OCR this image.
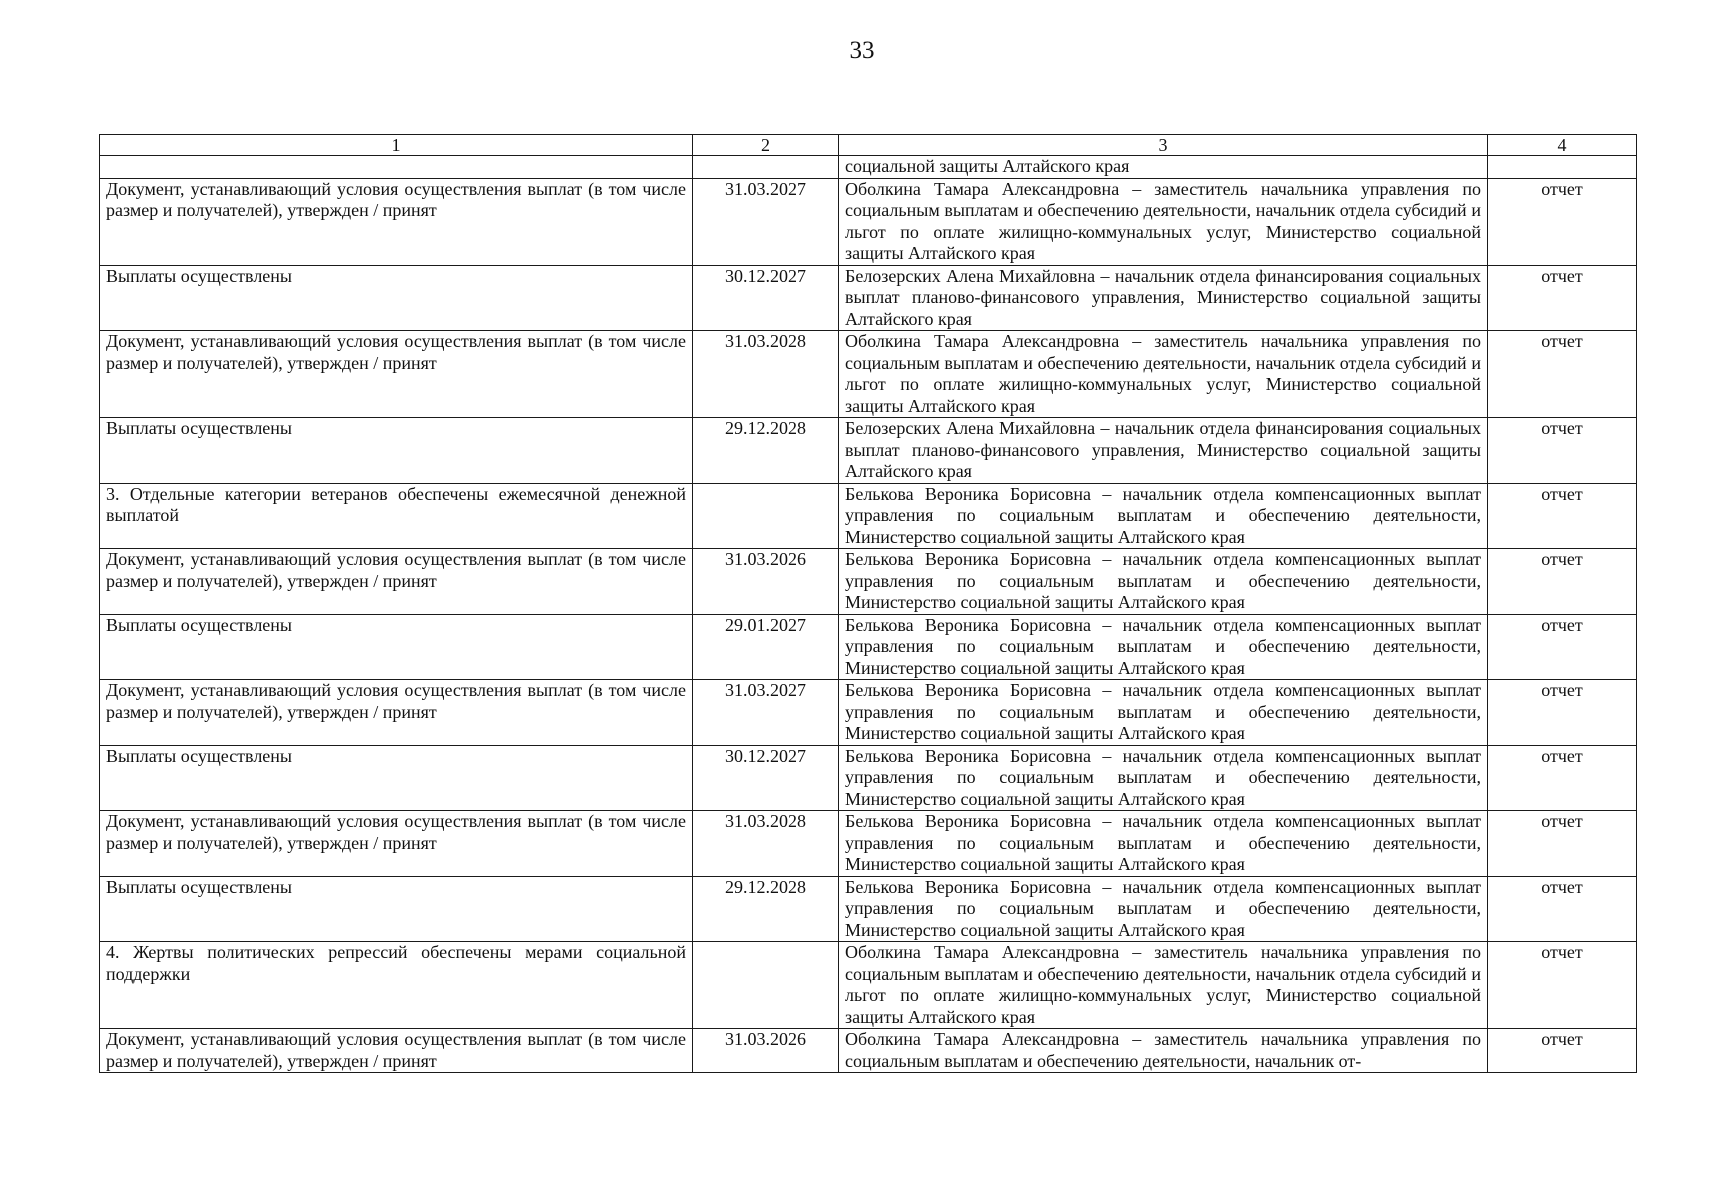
33
1	2	3	4
		социальной защиты Алтайского края	
Документ, устанавливающий условия осуществления выплат (в том числе размер и получателей), утвержден / принят	31.03.2027	Оболкина Тамара Александровна – заместитель начальника управления по социальным выплатам и обеспечению деятельности, начальник отдела субсидий и льгот по оплате жилищно-коммунальных услуг, Министерство социальной защиты Алтайского края	отчет
Выплаты осуществлены	30.12.2027	Белозерских Алена Михайловна – начальник отдела финансирования социальных выплат планово-финансового управления, Министерство социальной защиты Алтайского края	отчет
Документ, устанавливающий условия осуществления выплат (в том числе размер и получателей), утвержден / принят	31.03.2028	Оболкина Тамара Александровна – заместитель начальника управления по социальным выплатам и обеспечению деятельности, начальник отдела субсидий и льгот по оплате жилищно-коммунальных услуг, Министерство социальной защиты Алтайского края	отчет
Выплаты осуществлены	29.12.2028	Белозерских Алена Михайловна – начальник отдела финансирования социальных выплат планово-финансового управления, Министерство социальной защиты Алтайского края	отчет
3. Отдельные категории ветеранов обеспечены ежемесячной денежной выплатой		Белькова Вероника Борисовна – начальник отдела компенсационных выплат управления по социальным выплатам и обеспечению деятельности, Министерство социальной защиты Алтайского края	отчет
Документ, устанавливающий условия осуществления выплат (в том числе размер и получателей), утвержден / принят	31.03.2026	Белькова Вероника Борисовна – начальник отдела компенсационных выплат управления по социальным выплатам и обеспечению деятельности, Министерство социальной защиты Алтайского края	отчет
Выплаты осуществлены	29.01.2027	Белькова Вероника Борисовна – начальник отдела компенсационных выплат управления по социальным выплатам и обеспечению деятельности, Министерство социальной защиты Алтайского края	отчет
Документ, устанавливающий условия осуществления выплат (в том числе размер и получателей), утвержден / принят	31.03.2027	Белькова Вероника Борисовна – начальник отдела компенсационных выплат управления по социальным выплатам и обеспечению деятельности, Министерство социальной защиты Алтайского края	отчет
Выплаты осуществлены	30.12.2027	Белькова Вероника Борисовна – начальник отдела компенсационных выплат управления по социальным выплатам и обеспечению деятельности, Министерство социальной защиты Алтайского края	отчет
Документ, устанавливающий условия осуществления выплат (в том числе размер и получателей), утвержден / принят	31.03.2028	Белькова Вероника Борисовна – начальник отдела компенсационных выплат управления по социальным выплатам и обеспечению деятельности, Министерство социальной защиты Алтайского края	отчет
Выплаты осуществлены	29.12.2028	Белькова Вероника Борисовна – начальник отдела компенсационных выплат управления по социальным выплатам и обеспечению деятельности, Министерство социальной защиты Алтайского края	отчет
4. Жертвы политических репрессий обеспечены мерами социальной поддержки		Оболкина Тамара Александровна – заместитель начальника управления по социальным выплатам и обеспечению деятельности, начальник отдела субсидий и льгот по оплате жилищно-коммунальных услуг, Министерство социальной защиты Алтайского края	отчет
Документ, устанавливающий условия осуществления выплат (в том числе размер и получателей), утвержден / принят	31.03.2026	Оболкина Тамара Александровна – заместитель начальника управления по социальным выплатам и обеспечению деятельности, начальник от-	отчет
